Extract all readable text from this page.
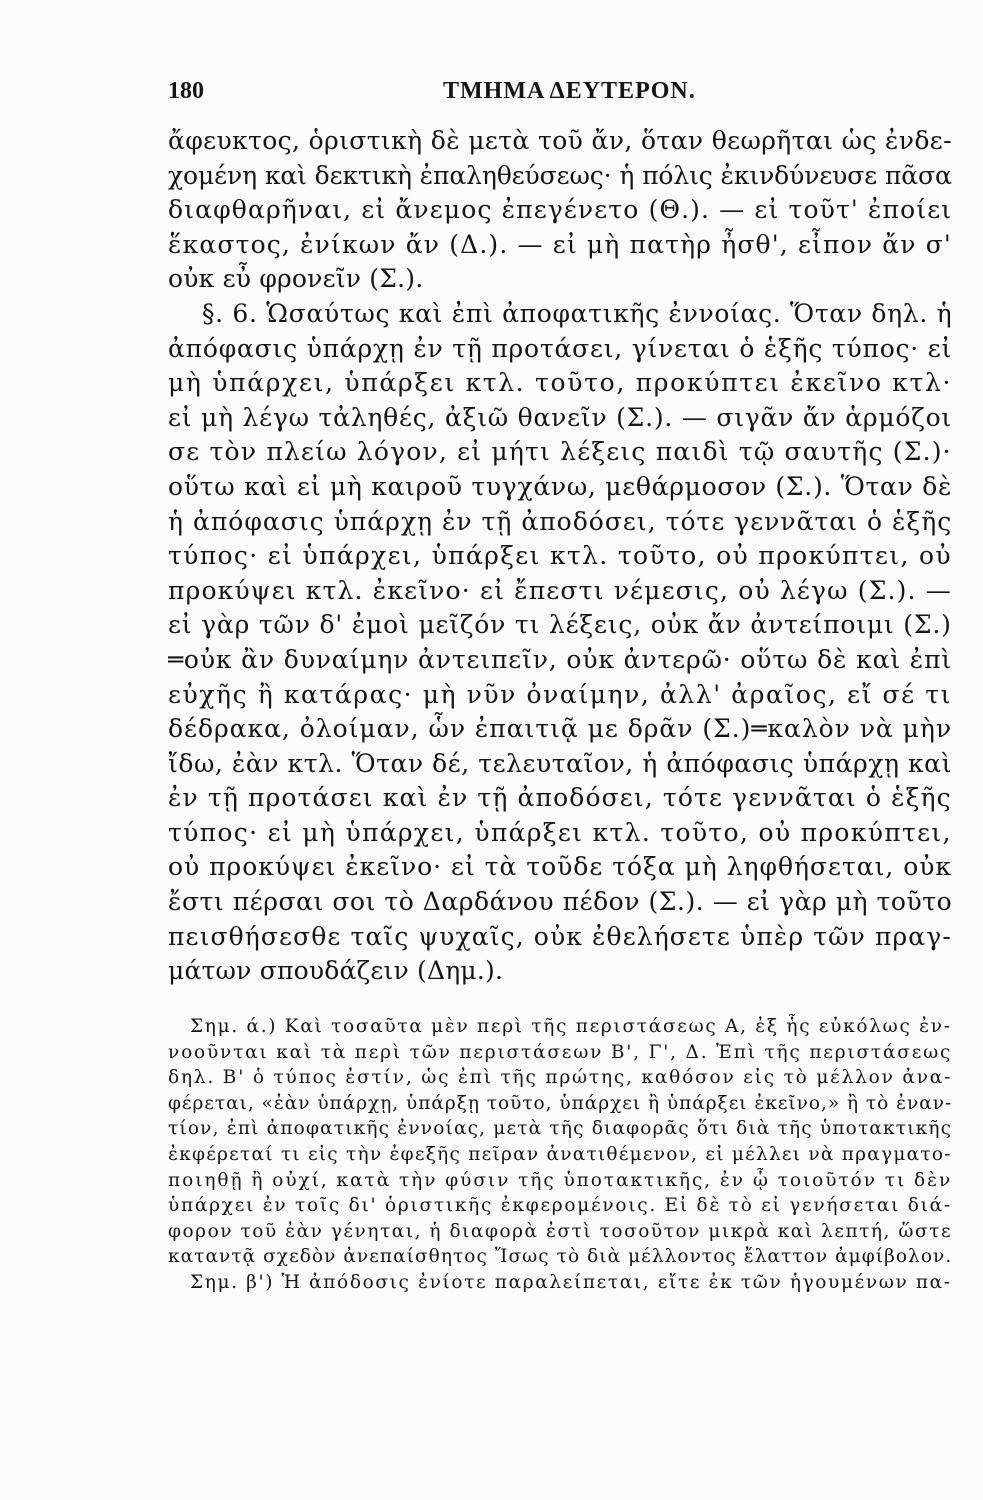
180	ΤΜΗΜΑ ΔΕΥΤΕΡΟΝ.
ἄφευκτος, ὁριστικὴ δὲ μετὰ τοῦ ἄν, ὅταν θεωρῆται ὡς ἐνδε-
χομένη καὶ δεκτικὴ ἐπαληθεύσεως· ἡ πόλις ἐκινδύνευσε πᾶσα
διαφθαρῆναι, εἰ ἄνεμος ἐπεγένετο (Θ.). — εἰ τοῦτ' ἐποίει
ἕκαστος, ἐνίκων ἄν (Δ.). — εἰ μὴ πατὴρ ἦσθ', εἶπον ἄν σ'
οὐκ εὖ φρονεῖν (Σ.).
§. 6. Ὡσαύτως καὶ ἐπὶ ἀποφατικῆς ἐννοίας. Ὅταν δηλ. ἡ
ἀπόφασις ὑπάρχῃ ἐν τῇ προτάσει, γίνεται ὁ ἑξῆς τύπος· εἰ
μὴ ὑπάρχει, ὑπάρξει κτλ. τοῦτο, προκύπτει ἐκεῖνο κτλ·
εἰ μὴ λέγω τἀληθές, ἀξιῶ θανεῖν (Σ.). — σιγᾶν ἄν ἁρμόζοι
σε τὸν πλείω λόγον, εἰ μήτι λέξεις παιδὶ τῷ σαυτῆς (Σ.)·
οὕτω καὶ εἰ μὴ καιροῦ τυγχάνω, μεθάρμοσον (Σ.). Ὅταν δὲ
ἡ ἀπόφασις ὑπάρχῃ ἐν τῇ ἀποδόσει, τότε γεννᾶται ὁ ἑξῆς
τύπος· εἰ ὑπάρχει, ὑπάρξει κτλ. τοῦτο, οὐ προκύπτει, οὐ
προκύψει κτλ. ἐκεῖνο· εἰ ἔπεστι νέμεσις, οὐ λέγω (Σ.). —
εἰ γὰρ τῶν δ' ἐμοὶ μεῖζόν τι λέξεις, οὐκ ἄν ἀντείποιμι (Σ.)
═οὐκ ἂν δυναίμην ἀντειπεῖν, οὐκ ἀντερῶ· οὕτω δὲ καὶ ἐπὶ
εὐχῆς ἢ κατάρας· μὴ νῦν ὀναίμην, ἀλλ' ἀραῖος, εἴ σέ τι
δέδρακα, ὀλοίμαν, ὧν ἐπαιτιᾷ με δρᾶν (Σ.)═καλὸν νὰ μὴν
ἴδω, ἐὰν κτλ. Ὅταν δέ, τελευταῖον, ἡ ἀπόφασις ὑπάρχῃ καὶ
ἐν τῇ προτάσει καὶ ἐν τῇ ἀποδόσει, τότε γεννᾶται ὁ ἑξῆς
τύπος· εἰ μὴ ὑπάρχει, ὑπάρξει κτλ. τοῦτο, οὐ προκύπτει,
οὐ προκύψει ἐκεῖνο· εἰ τὰ τοῦδε τόξα μὴ ληφθήσεται, οὐκ
ἔστι πέρσαι σοι τὸ Δαρδάνου πέδον (Σ.). — εἰ γὰρ μὴ τοῦτο
πεισθήσεσθε ταῖς ψυχαῖς, οὐκ ἐθελήσετε ὑπὲρ τῶν πραγ-
μάτων σπουδάζειν (Δημ.).
Σημ. ά.) Καὶ τοσαῦτα μὲν περὶ τῆς περιστάσεως Α, ἐξ ἧς εὐκόλως ἐν-
νοοῦνται καὶ τὰ περὶ τῶν περιστάσεων Β', Γ', Δ. Ἐπὶ τῆς περιστάσεως
δηλ. Β' ὁ τύπος ἐστίν, ὡς ἐπὶ τῆς πρώτης, καθόσον εἰς τὸ μέλλον ἀνα-
φέρεται, «ἐὰν ὑπάρχῃ, ὑπάρξῃ τοῦτο, ὑπάρχει ἢ ὑπάρξει ἐκεῖνο,» ἢ τὸ ἐναν-
τίον, ἐπὶ ἀποφατικῆς ἐννοίας, μετὰ τῆς διαφορᾶς ὅτι διὰ τῆς ὑποτακτικῆς
ἐκφέρεταί τι εἰς τὴν ἐφεξῆς πεῖραν ἀνατιθέμενον, εἰ μέλλει νὰ πραγματο-
ποιηθῇ ἢ οὐχί, κατὰ τὴν φύσιν τῆς ὑποτακτικῆς, ἐν ᾧ τοιοῦτόν τι δὲν
ὑπάρχει ἐν τοῖς δι' ὁριστικῆς ἐκφερομένοις. Εἰ δὲ τὸ εἰ γενήσεται διά-
φορον τοῦ ἐὰν γένηται, ἡ διαφορὰ ἐστὶ τοσοῦτον μικρὰ καὶ λεπτή, ὥστε
καταντᾷ σχεδὸν ἀνεπαίσθητος Ἴσως τὸ διὰ μέλλοντος ἔλαττον ἀμφίβολον.
Σημ. β') Ἡ ἀπόδοσις ἐνίοτε παραλείπεται, εἴτε ἐκ τῶν ἡγουμένων πα-
